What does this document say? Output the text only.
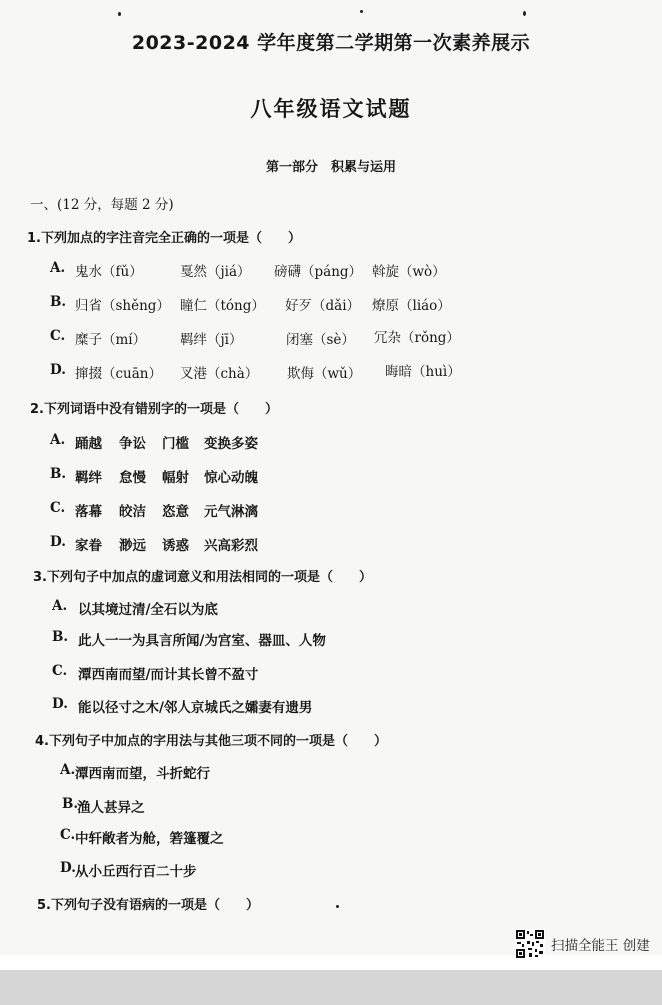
2023-2024 学年度第二学期第一次素养展示
八年级语文试题
第一部分　积累与运用
一、(12 分，每题 2 分)
1.下列加点的字注音完全正确的一项是（　　）
A. 鬼水（fǔ）	戛然（jiá） 磅礴（páng） 斡旋（wò）
B. 归省（shěng） 瞳仁（tóng） 好歹（dǎi） 燎原（liáo）
C. 糜子（mí）	羁绊（jī）	闭塞（sè） 冗杂（rǒng）
D. 撺掇（cuān） 叉港（chà） 欺侮（wǔ） 晦暗（huì）
2.下列词语中没有错别字的一项是（　　）
A. 踊越 争讼 门槛 变换多姿
B. 羁绊 怠慢 幅射 惊心动魄
C. 落幕 皎洁 恣意 元气淋漓
D. 家眷 渺远 诱惑 兴高彩烈
3.下列句子中加点的虚词意义和用法相同的一项是（　　）
A. 以其境过清/全石以为底
B. 此人一一为具言所闻/为宫室、器皿、人物
C. 潭西南而望/而计其长曾不盈寸
D. 能以径寸之木/邻人京城氏之孀妻有遗男
4.下列句子中加点的字用法与其他三项不同的一项是（　　）
A. 潭西南而望，斗折蛇行
B.
渔人甚异之
C. 中轩敞者为舱，箬篷覆之
D. 从小丘西行百二十步
5.下列句子没有语病的一项是（　　）
扫描全能王 创建
